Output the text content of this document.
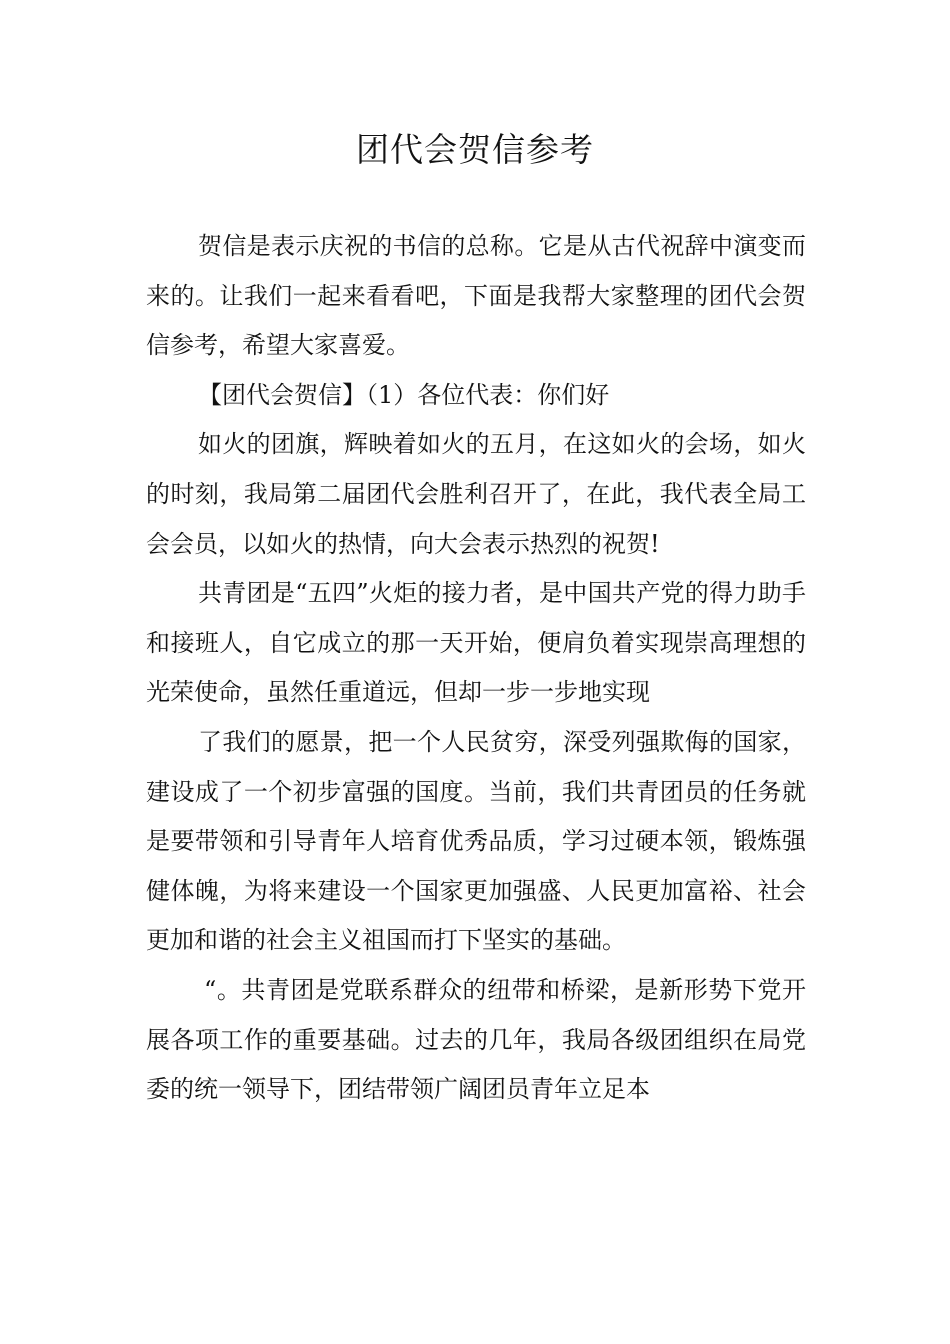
团代会贺信参考

贺信是表示庆祝的书信的总称。它是从古代祝辞中演变而来的。让我们一起来看看吧，下面是我帮大家整理的团代会贺信参考，希望大家喜爱。

【团代会贺信】（1）各位代表：你们好

如火的团旗，辉映着如火的五月，在这如火的会场，如火的时刻，我局第二届团代会胜利召开了，在此，我代表全局工会会员，以如火的热情，向大会表示热烈的祝贺!

共青团是“五四”火炬的接力者，是中国共产党的得力助手和接班人，自它成立的那一天开始，便肩负着实现崇高理想的光荣使命，虽然任重道远，但却一步一步地实现

了我们的愿景，把一个人民贫穷，深受列强欺侮的国家，建设成了一个初步富强的国度。当前，我们共青团员的任务就是要带领和引导青年人培育优秀品质，学习过硬本领，锻炼强健体魄，为将来建设一个国家更加强盛、人民更加富裕、社会更加和谐的社会主义祖国而打下坚实的基础。

“。共青团是党联系群众的纽带和桥梁，是新形势下党开展各项工作的重要基础。过去的几年，我局各级团组织在局党委的统一领导下，团结带领广阔团员青年立足本
